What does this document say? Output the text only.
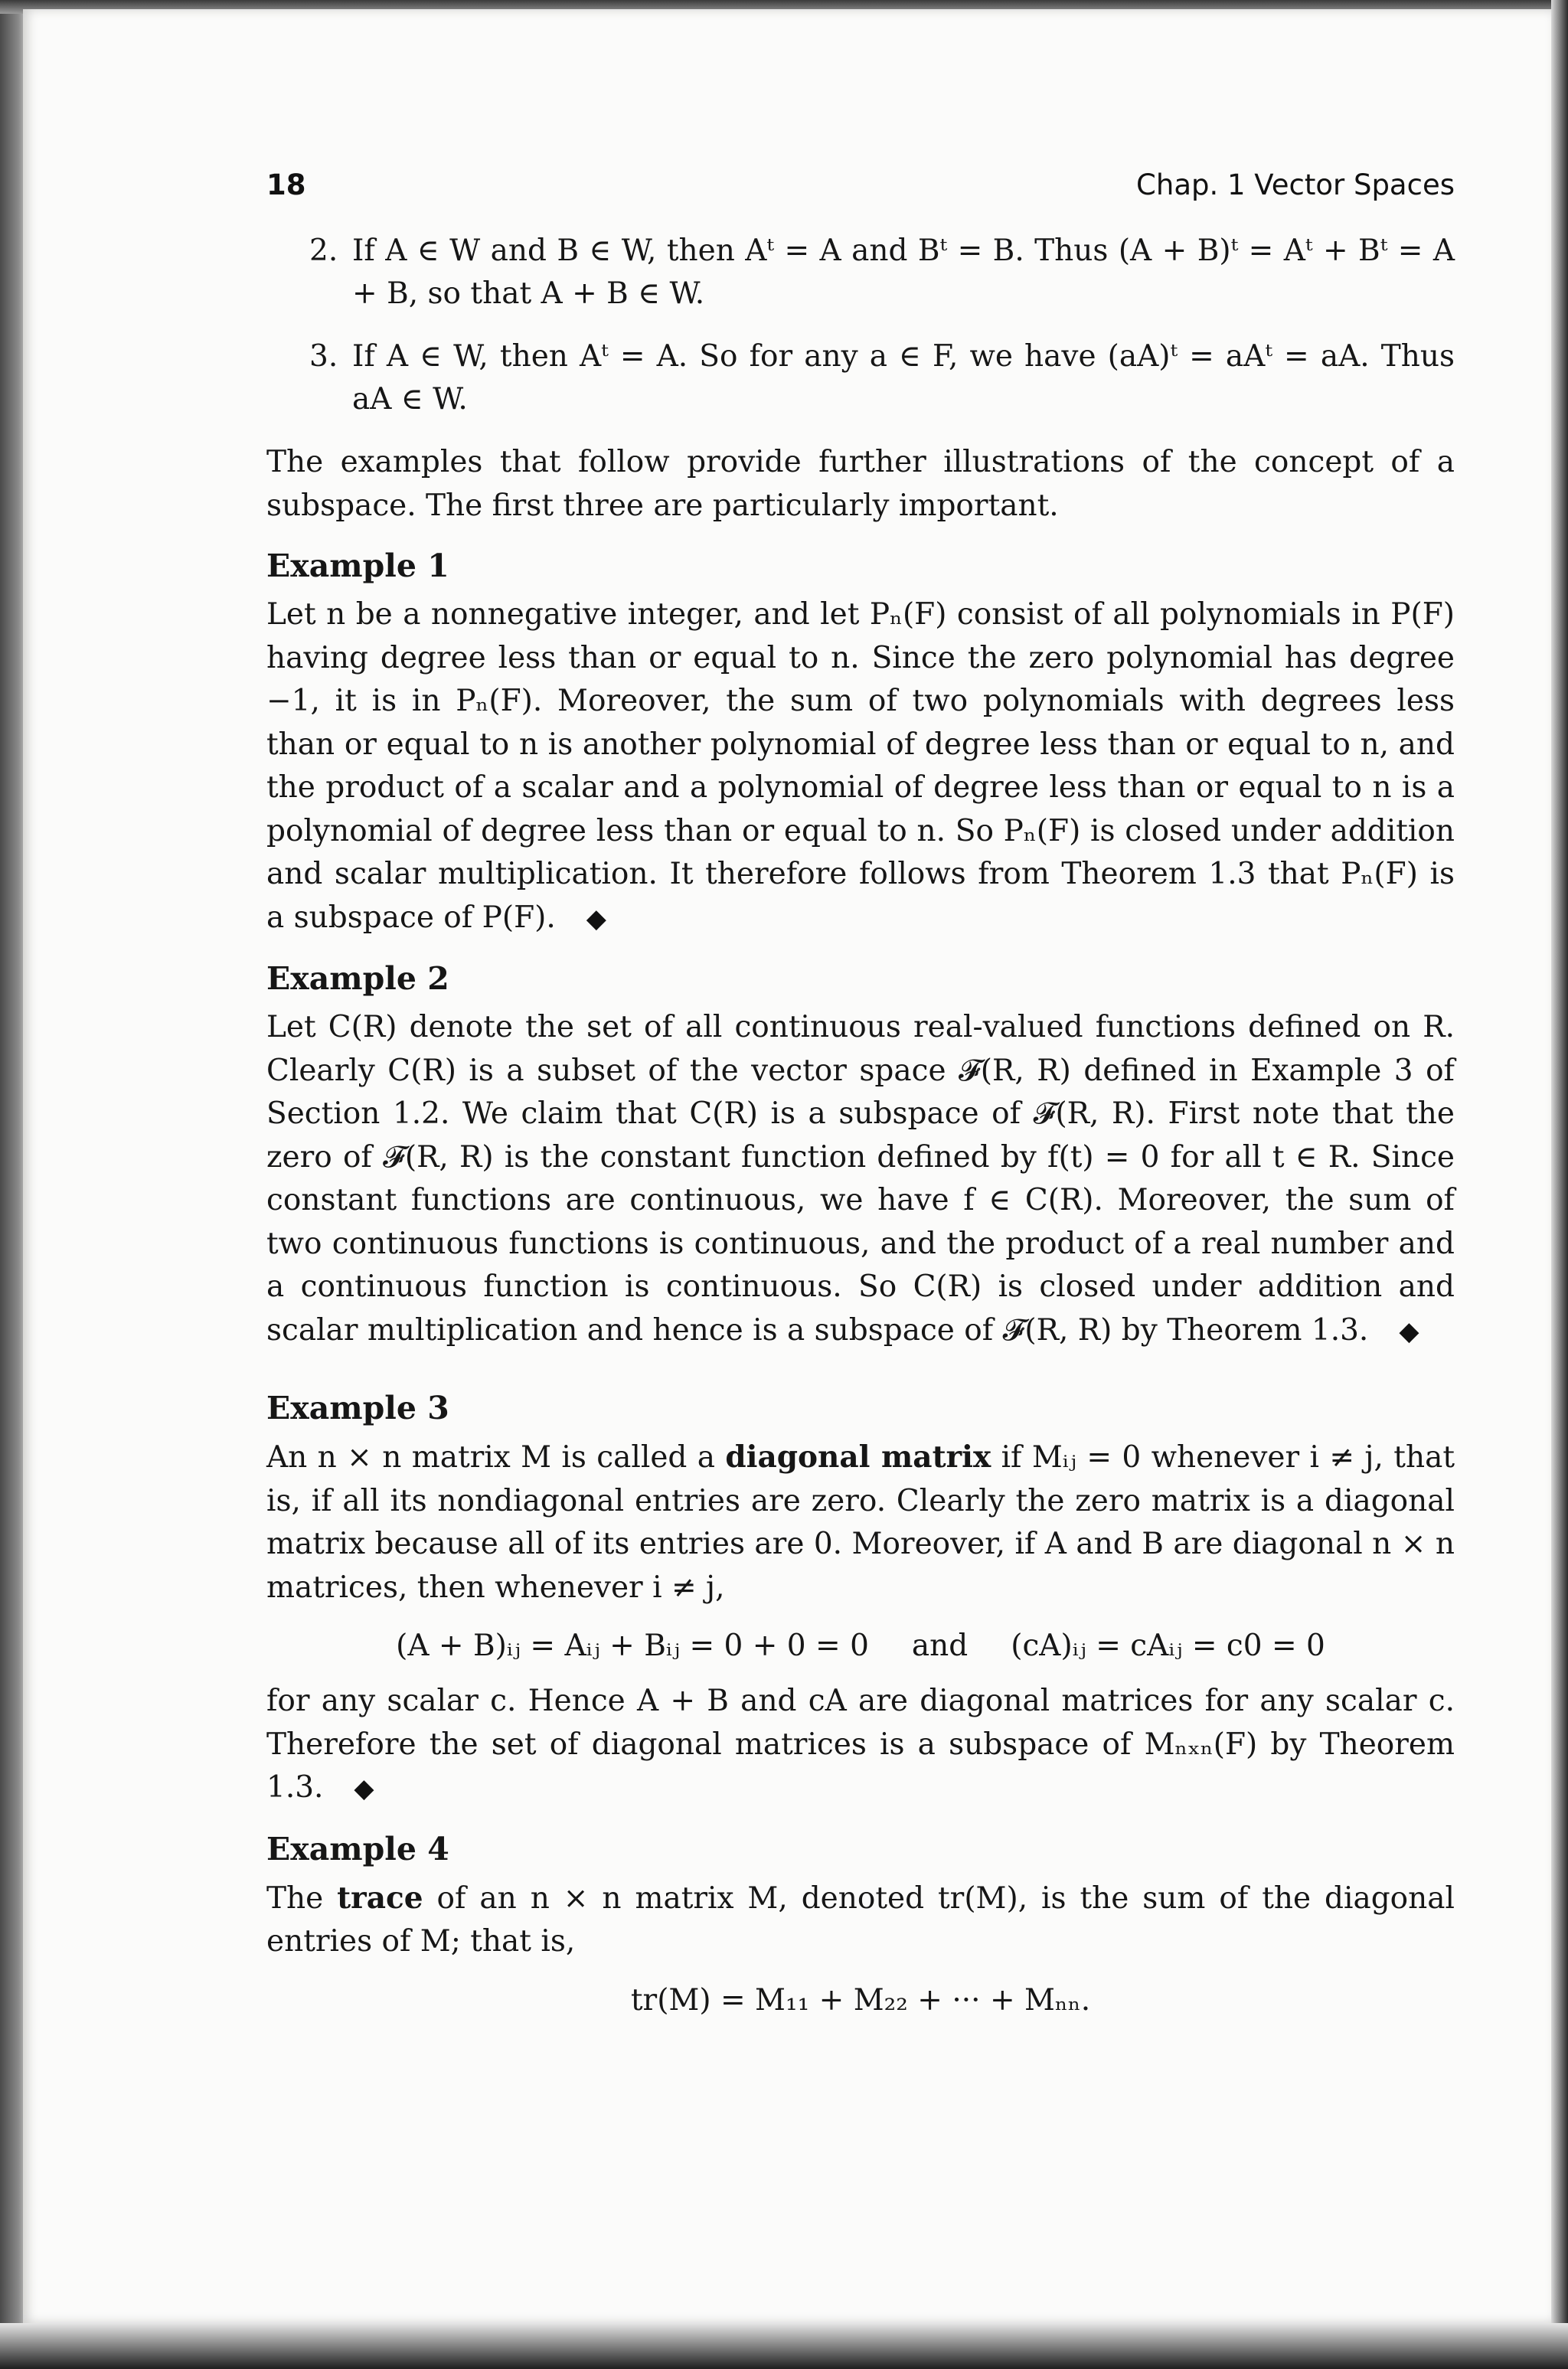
18	Chap. 1 Vector Spaces

2. If A ∈ W and B ∈ W, then Aᵗ = A and Bᵗ = B. Thus (A + B)ᵗ = Aᵗ + Bᵗ = A + B, so that A + B ∈ W.

3. If A ∈ W, then Aᵗ = A. So for any a ∈ F, we have (aA)ᵗ = aAᵗ = aA. Thus aA ∈ W.

The examples that follow provide further illustrations of the concept of a subspace. The first three are particularly important.

Example 1

Let n be a nonnegative integer, and let Pₙ(F) consist of all polynomials in P(F) having degree less than or equal to n. Since the zero polynomial has degree −1, it is in Pₙ(F). Moreover, the sum of two polynomials with degrees less than or equal to n is another polynomial of degree less than or equal to n, and the product of a scalar and a polynomial of degree less than or equal to n is a polynomial of degree less than or equal to n. So Pₙ(F) is closed under addition and scalar multiplication. It therefore follows from Theorem 1.3 that Pₙ(F) is a subspace of P(F). ◆

Example 2

Let C(R) denote the set of all continuous real-valued functions defined on R. Clearly C(R) is a subset of the vector space 𝓕(R, R) defined in Example 3 of Section 1.2. We claim that C(R) is a subspace of 𝓕(R, R). First note that the zero of 𝓕(R, R) is the constant function defined by f(t) = 0 for all t ∈ R. Since constant functions are continuous, we have f ∈ C(R). Moreover, the sum of two continuous functions is continuous, and the product of a real number and a continuous function is continuous. So C(R) is closed under addition and scalar multiplication and hence is a subspace of 𝓕(R, R) by Theorem 1.3. ◆

Example 3

An n × n matrix M is called a diagonal matrix if Mᵢⱼ = 0 whenever i ≠ j, that is, if all its nondiagonal entries are zero. Clearly the zero matrix is a diagonal matrix because all of its entries are 0. Moreover, if A and B are diagonal n × n matrices, then whenever i ≠ j,

(A + B)ᵢⱼ = Aᵢⱼ + Bᵢⱼ = 0 + 0 = 0 and (cA)ᵢⱼ = cAᵢⱼ = c0 = 0

for any scalar c. Hence A + B and cA are diagonal matrices for any scalar c. Therefore the set of diagonal matrices is a subspace of Mₙₓₙ(F) by Theorem 1.3. ◆

Example 4

The trace of an n × n matrix M, denoted tr(M), is the sum of the diagonal entries of M; that is,

tr(M) = M₁₁ + M₂₂ + ··· + Mₙₙ.
